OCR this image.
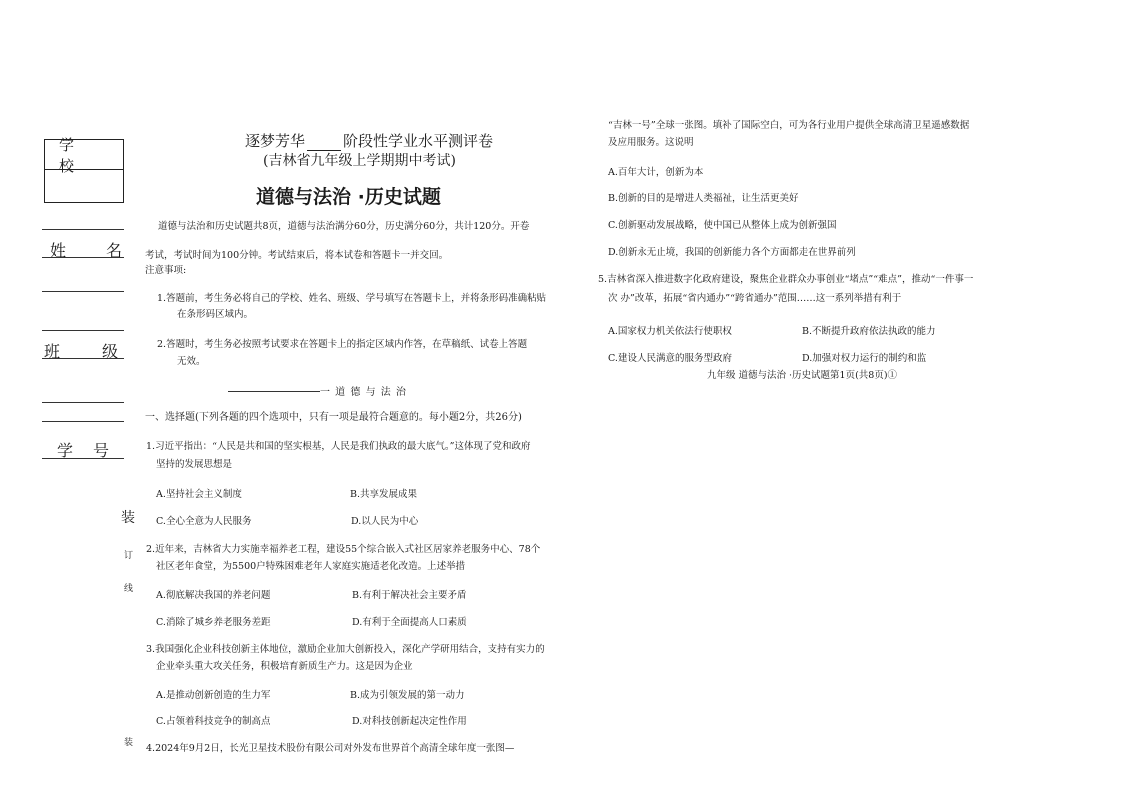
学 校
姓 名
班	级
学 号
装
订
线
装
逐梦芳华	阶段性学业水平测评卷
(吉林省九年级上学期期中考试)
道德与法治 ·历史试题
道德与法治和历史试题共8页，道德与法治满分60分，历史满分60分，共计120分。开卷
考试，考试时间为100分钟。考试结束后，将本试卷和答题卡一并交回。
注意事项:
1.答题前，考生务必将自己的学校、姓名、班级、学号填写在答题卡上，并将条形码准确粘贴
在条形码区域内。
2.答题时，考生务必按照考试要求在答题卡上的指定区域内作答，在草稿纸、试卷上答题
无效。
一 道 德 与 法 治
一、选择题(下列各题的四个选项中，只有一项是最符合题意的。每小题2分，共26分)
1.习近平指出：“人民是共和国的坚实根基，人民是我们执政的最大底气。”这体现了党和政府
坚持的发展思想是
A.坚持社会主义制度	B.共享发展成果
C.全心全意为人民服务	D.以人民为中心
2.近年来，吉林省大力实施幸福养老工程，建设55个综合嵌入式社区居家养老服务中心、78个
社区老年食堂，为5500户特殊困难老年人家庭实施适老化改造。上述举措
A.彻底解决我国的养老问题	B.有利于解决社会主要矛盾
C.消除了城乡养老服务差距	D.有利于全面提高人口素质
3.我国强化企业科技创新主体地位，激励企业加大创新投入，深化产学研用结合，支持有实力的
企业牵头重大攻关任务，积极培育新质生产力。这是因为企业
A.是推动创新创造的生力军	B.成为引领发展的第一动力
C.占领着科技竞争的制高点	D.对科技创新起决定性作用
4.2024年9月2日，长光卫星技术股份有限公司对外发布世界首个高清全球年度一张图—
“吉林一号”全球一张图。填补了国际空白，可为各行业用户提供全球高清卫星遥感数据
及应用服务。这说明
A.百年大计，创新为本
B.创新的目的是增进人类福祉，让生活更美好
C.创新驱动发展战略，使中国已从整体上成为创新强国
D.创新永无止境，我国的创新能力各个方面都走在世界前列
5.吉林省深入推进数字化政府建设，聚焦企业群众办事创业“堵点”“难点”，推动“一件事一
次 办”改革，拓展“省内通办”“跨省通办”范围……这一系列举措有利于
A.国家权力机关依法行使职权	B.不断提升政府依法执政的能力
C.建设人民满意的服务型政府	D.加强对权力运行的制约和监
九年级 道德与法治 ·历史试题第1页(共8页)①
